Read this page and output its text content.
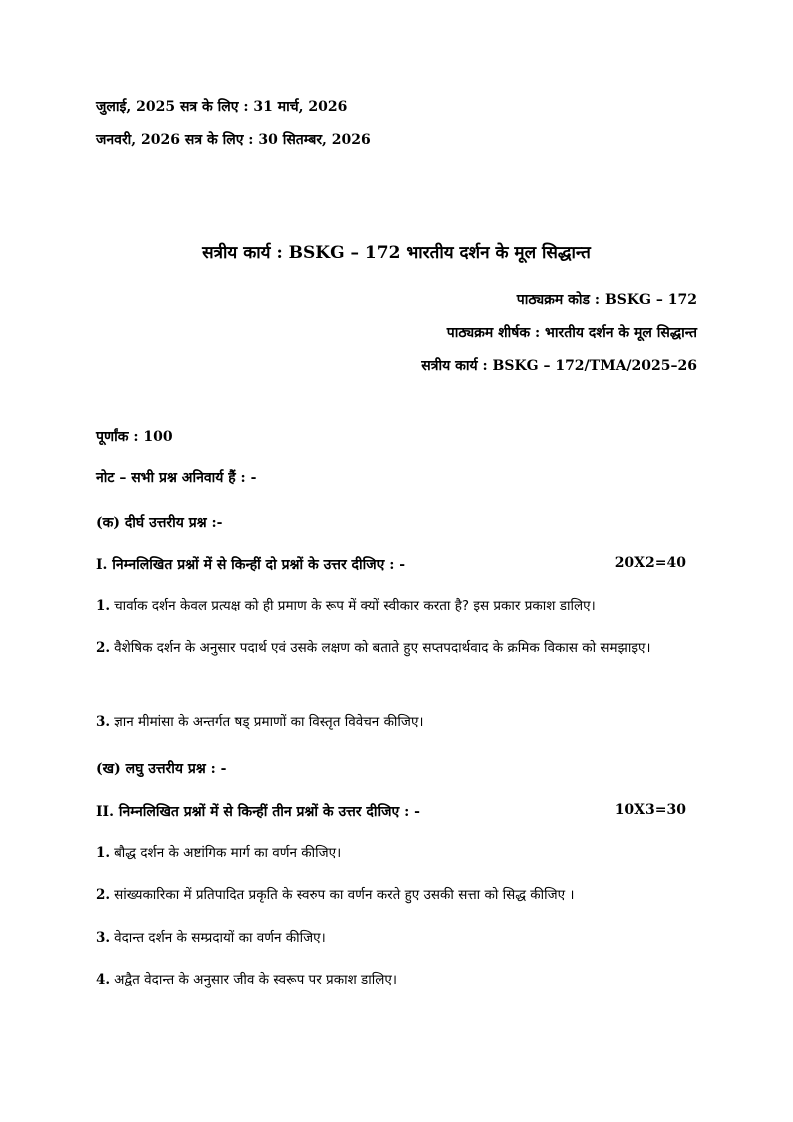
जुलाई, 2025 सत्र के लिए : 31 मार्च, 2026
जनवरी, 2026 सत्र के लिए : 30 सितम्बर, 2026
सत्रीय कार्य : BSKG – 172 भारतीय दर्शन के मूल सिद्धान्त
पाठ्यक्रम कोड : BSKG – 172
पाठ्यक्रम शीर्षक : भारतीय दर्शन के मूल सिद्धान्त
सत्रीय कार्य : BSKG – 172/TMA/2025–26
पूर्णांक : 100
नोट – सभी प्रश्न अनिवार्य हैं : -
(क) दीर्घ उत्तरीय प्रश्न :-
I. निम्नलिखित प्रश्नों में से किन्हीं दो प्रश्नों के उत्तर दीजिए : -	20X2=40
1. चार्वाक दर्शन केवल प्रत्यक्ष को ही प्रमाण के रूप में क्यों स्वीकार करता है? इस प्रकार प्रकाश डालिए।
2. वैशेषिक दर्शन के अनुसार पदार्थ एवं उसके लक्षण को बताते हुए सप्तपदार्थवाद के क्रमिक विकास को समझाइए।
3. ज्ञान मीमांसा के अन्तर्गत षड् प्रमाणों का विस्तृत विवेचन कीजिए।
(ख) लघु उत्तरीय प्रश्न : -
II. निम्नलिखित प्रश्नों में से किन्हीं तीन प्रश्नों के उत्तर दीजिए : -	10X3=30
1. बौद्ध दर्शन के अष्टांगिक मार्ग का वर्णन कीजिए।
2. सांख्यकारिका में प्रतिपादित प्रकृति के स्वरुप का वर्णन करते हुए उसकी सत्ता को सिद्ध कीजिए ।
3. वेदान्त दर्शन के सम्प्रदायों का वर्णन कीजिए।
4. अद्वैत वेदान्त के अनुसार जीव के स्वरूप पर प्रकाश डालिए।
